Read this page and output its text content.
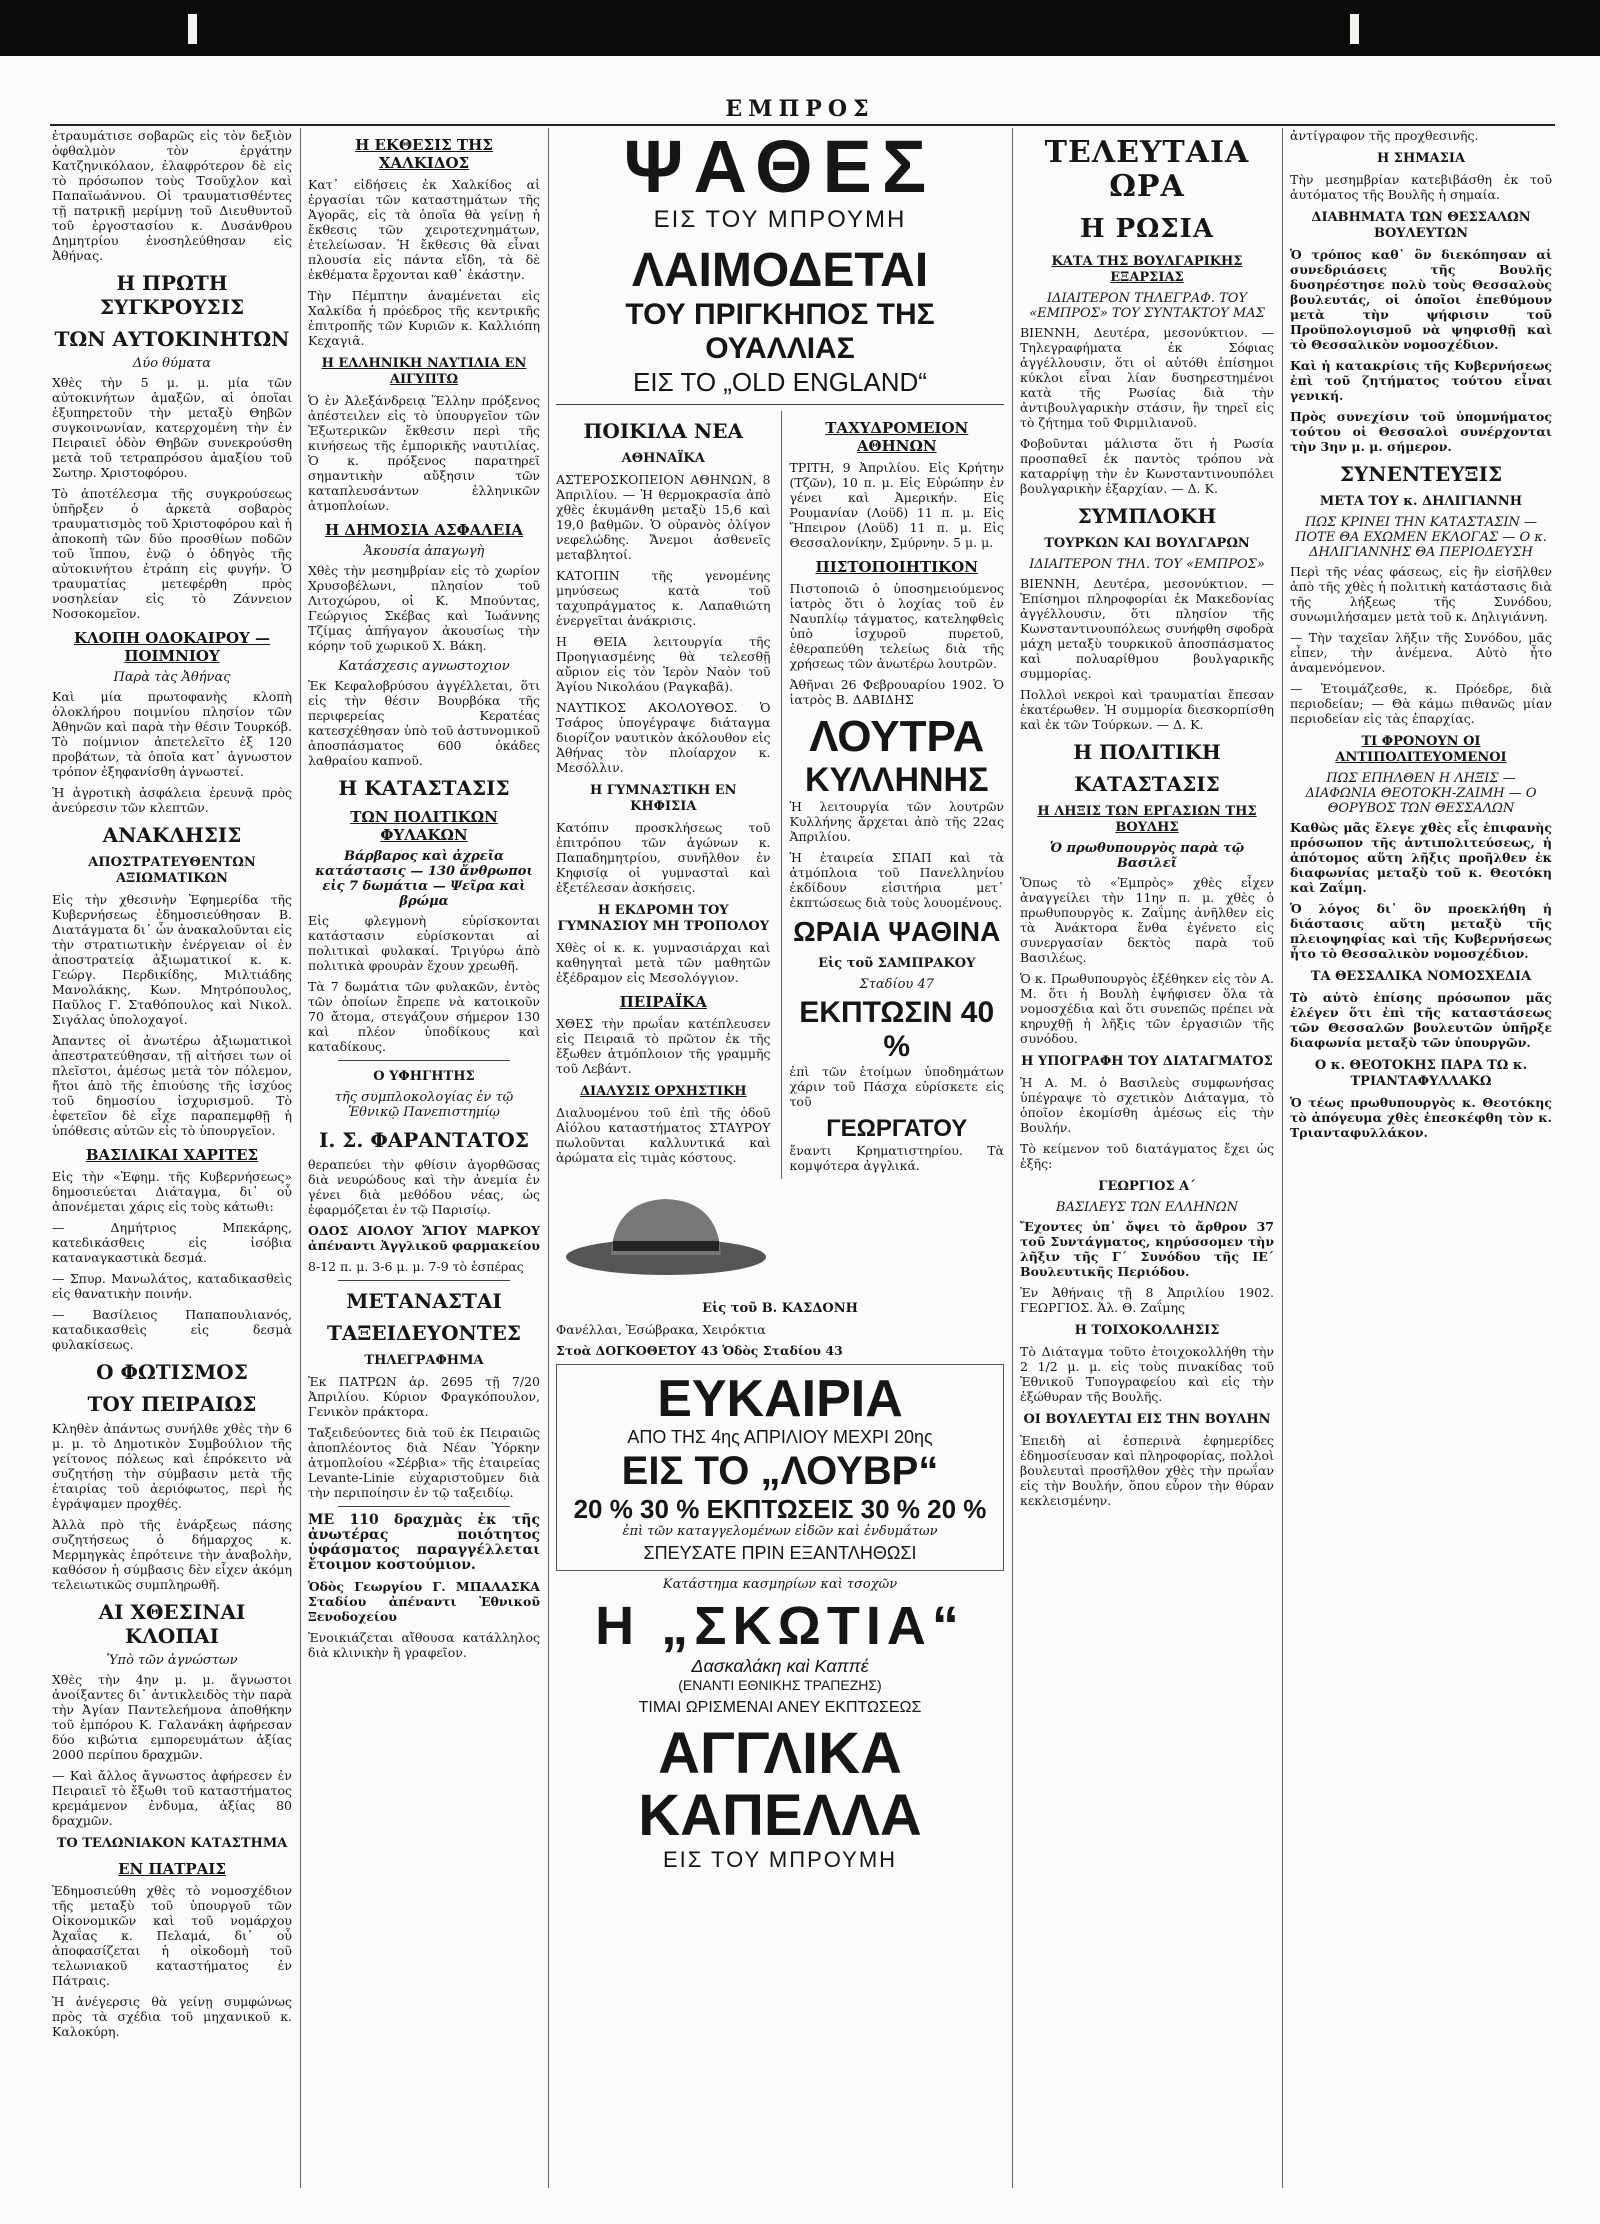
ΕΜΠΡΟΣ

ἐτραυμάτισε σοβαρῶς εἰς τὸν δεξιὸν ὀφθαλμὸν τὸν ἐργάτην Κατζηνικόλαον, ἐλαφρότερον δὲ εἰς τὸ πρόσωπον τοὺς Τσοῦχλον καὶ Παπαϊωάννου. Οἱ τραυματισθέντες τῇ πατρικῇ μερίμνῃ τοῦ Διευθυντοῦ τοῦ ἐργοστασίου κ. Δυσάνθρου Δημητρίου ἐνοσηλεύθησαν εἰς Ἀθήνας.

Η ΠΡΩΤΗ ΣΥΓΚΡΟΥΣΙΣ
ΤΩΝ ΑΥΤΟΚΙΝΗΤΩΝ
Δύο θύματα

Χθὲς τὴν 5 μ. μ. μία τῶν αὐτοκινήτων ἁμαξῶν, αἱ ὁποῖαι ἐξυπηρετοῦν τὴν μεταξὺ Θηβῶν συγκοινωνίαν, κατερχομένη τὴν ἐν Πειραιεῖ ὁδὸν Θηβῶν συνεκρούσθη μετὰ τοῦ τετραπρόσου ἁμαξίου τοῦ Σωτηρ. Χριστοφόρου.

Τὸ ἀποτέλεσμα τῆς συγκρούσεως ὑπῆρξεν ὁ ἀρκετὰ σοβαρὸς τραυματισμὸς τοῦ Χριστοφόρου καὶ ἡ ἀποκοπὴ τῶν δύο προσθίων ποδῶν τοῦ ἵππου, ἐνῷ ὁ ὁδηγὸς τῆς αὐτοκινήτου ἐτράπη εἰς φυγήν. Ὁ τραυματίας μετεφέρθη πρὸς νοσηλείαν εἰς τὸ Ζάννειον Νοσοκομεῖον.

ΚΛΟΠΗ ΟΔΟΚΑΙΡΟΥ — ΠΟΙΜΝΙΟΥ
Παρὰ τὰς Ἀθήνας

Καὶ μία πρωτοφανὴς κλοπὴ ὁλοκλήρου ποιμνίου πλησίον τῶν Ἀθηνῶν καὶ παρὰ τὴν θέσιν Τουρκόβ. Τὸ ποίμνιον ἀπετελεῖτο ἐξ 120 προβάτων, τὰ ὁποῖα κατ᾽ ἀγνωστον τρόπον ἐξηφανίσθη ἀγνωστεί.

Ἡ ἀγροτικὴ ἀσφάλεια ἐρευνᾷ πρὸς ἀνεύρεσιν τῶν κλεπτῶν.

ΑΝΑΚΛΗΣΙΣ
ΑΠΟΣΤΡΑΤΕΥΘΕΝΤΩΝ ΑΞΙΩΜΑΤΙΚΩΝ

Εἰς τὴν χθεσινὴν Ἐφημερίδα τῆς Κυβερνήσεως ἐδημοσιεύθησαν Β. Διατάγματα δι᾽ ὧν ἀνακαλοῦνται εἰς τὴν στρατιωτικὴν ἐνέργειαν οἱ ἐν ἀποστρατείᾳ ἀξιωματικοί κ. κ. Γεώργ. Περδικίδης, Μιλτιάδης Μανολάκης, Κων. Μητρόπουλος, Παῦλος Γ. Σταθόπουλος καὶ Νικολ. Σιγάλας ὑπολοχαγοί.

Ἀπαντες οἱ ἀνωτέρω ἀξιωματικοὶ ἀπεστρατεύθησαν, τῇ αἰτήσει των οἱ πλεῖστοι, ἀμέσως μετὰ τὸν πόλεμον, ἤτοι ἀπὸ τῆς ἐπιούσης τῆς ἰσχύος τοῦ δημοσίου ἰσχυρισμοῦ. Τὸ ἐφετεῖον δὲ εἶχε παραπεμφθῇ ἡ ὑπόθεσις αὐτῶν εἰς τὸ ὑπουργεῖον.

ΒΑΣΙΛΙΚΑΙ ΧΑΡΙΤΕΣ

Εἰς τὴν «Ἐφημ. τῆς Κυβερνήσεως» δημοσιεύεται Διάταγμα, δι᾽ οὗ ἀπονέμεται χάρις εἰς τοὺς κάτωθι:

— Δημήτριος Μπεκάρης, κατεδικάσθεις εἰς ἰσόβια καταναγκαστικὰ δεσμά.

— Σπυρ. Μανωλάτος, καταδικασθεὶς εἰς θανατικὴν ποινήν.

— Βασίλειος Παπαπουλιανός, καταδικασθεὶς εἰς δεσμὰ φυλακίσεως.

Ο ΦΩΤΙΣΜΟΣ
ΤΟΥ ΠΕΙΡΑΙΩΣ

Κληθὲν ἀπάντως συνήλθε χθὲς τὴν 6 μ. μ. τὸ Δημοτικὸν Συμβούλιον τῆς γείτονος πόλεως καὶ ἐπρόκειτο νὰ συζητήσῃ τὴν σύμβασιν μετὰ τῆς ἑταιρίας τοῦ ἀεριόφωτος, περὶ ἧς ἐγράψαμεν προχθές.

Ἀλλὰ πρὸ τῆς ἐνάρξεως πάσης συζητήσεως ὁ δήμαρχος κ. Μερμηγκὰς ἐπρότεινε τὴν ἀναβολὴν, καθόσον ἡ σύμβασις δὲν εἶχεν ἀκόμη τελειωτικῶς συμπληρωθῆ.

ΑΙ ΧΘΕΣΙΝΑΙ ΚΛΟΠΑΙ
Ὑπὸ τῶν ἀγνώστων

Χθὲς τὴν 4ην μ. μ. ἄγνωστοι ἀνοίξαντες δι᾽ ἀντικλειδὸς τὴν παρὰ τὴν Ἀγίαν Παντελεήμονα ἀποθήκην τοῦ ἐμπόρου Κ. Γαλανάκη ἀφήρεσαν δύο κιβώτια εμπορευμάτων ἀξίας 2000 περίπου δραχμῶν.

— Καὶ ἄλλος ἄγνωστος ἀφήρεσεν ἐν Πειραιεῖ τὸ ἔξωθι τοῦ καταστήματος κρεμάμενον ἐνδυμα, ἀξίας 80 δραχμῶν.

ΤΟ ΤΕΛΩΝΙΑΚΟΝ ΚΑΤΑΣΤΗΜΑ
ΕΝ ΠΑΤΡΑΙΣ

Ἐδημοσιεύθη χθὲς τὸ νομοσχέδιον τῆς μεταξὺ τοῦ ὑπουργοῦ τῶν Οἰκονομικῶν καὶ τοῦ νομάρχου Ἀχαΐας κ. Πελαμά, δι᾽ οὗ ἀποφασίζεται ἡ οἰκοδομὴ τοῦ τελωνιακοῦ καταστήματος ἐν Πάτραις.

Ἡ ἀνέγερσις θὰ γείνῃ συμφώνως πρὸς τὰ σχέδια τοῦ μηχανικοῦ κ. Καλοκύρη.

Η ΕΚΘΕΣΙΣ ΤΗΣ ΧΑΛΚΙΔΟΣ

Κατ᾽ εἰδήσεις ἐκ Χαλκίδος αἱ ἐργασίαι τῶν καταστημάτων τῆς Ἀγορᾶς, εἰς τὰ ὁποῖα θὰ γείνῃ ἡ ἔκθεσις τῶν χειροτεχνημάτων, ἐτελείωσαν. Ἡ ἔκθεσις θὰ εἶναι πλουσία εἰς πάντα εἴδη, τὰ δὲ ἐκθέματα ἔρχονται καθ᾽ ἑκάστην.

Τὴν Πέμπτην ἀναμένεται εἰς Χαλκίδα ἡ πρόεδρος τῆς κεντρικῆς ἐπιτροπῆς τῶν Κυριῶν κ. Καλλιόπη Κεχαγιᾶ.

Η ΕΛΛΗΝΙΚΗ ΝΑΥΤΙΛΙΑ ΕΝ ΑΙΓΥΠΤΩ

Ὁ ἐν Ἀλεξάνδρειᾳ Ἕλλην πρόξενος ἀπέστειλεν εἰς τὸ ὑπουργεῖον τῶν Ἐξωτερικῶν ἔκθεσιν περὶ τῆς κινήσεως τῆς ἐμπορικῆς ναυτιλίας. Ὁ κ. πρόξενος παρατηρεῖ σημαντικὴν αὔξησιν τῶν καταπλευσάντων ἑλληνικῶν ἀτμοπλοίων.

Η ΔΗΜΟΣΙΑ ΑΣΦΑΛΕΙΑ
Ἀκουσία ἀπαγωγὴ

Χθὲς τὴν μεσημβρίαν εἰς τὸ χωρίον Χρυσοβέλωνι, πλησίον τοῦ Λιτοχώρου, οἱ Κ. Μπούντας, Γεώργιος Σκέβας καὶ Ἰωάννης Τζίμας ἀπήγαγον ἀκουσίως τὴν κόρην τοῦ χωρικοῦ Χ. Βάκη.

Κατάσχεσις αγνωστοχιον

Ἐκ Κεφαλοβρύσου ἀγγέλλεται, ὅτι εἰς τὴν θέσιν Βουρβόκα τῆς περιφερείας Κερατέας κατεσχέθησαν ὑπὸ τοῦ ἀστυνομικοῦ ἀποσπάσματος 600 ὀκάδες λαθραίου καπνοῦ.

Η ΚΑΤΑΣΤΑΣΙΣ
ΤΩΝ ΠΟΛΙΤΙΚΩΝ ΦΥΛΑΚΩΝ
Βάρβαρος καὶ ἀχρεῖα κατάστασις — 130 ἄνθρωποι εἰς 7 δωμάτια — Ψεῖρα καὶ βρώμα

Εἰς φλεγμονὴ εὑρίσκονται κατάστασιν εὑρίσκονται αἱ πολιτικαὶ φυλακαί. Τριγύρω ἀπὸ πολιτικὰ φρουρὰν ἔχουν χρεωθῆ.

Τὰ 7 δωμάτια τῶν φυλακῶν, ἐντὸς τῶν ὁποίων ἔπρεπε νὰ κατοικοῦν 70 ἄτομα, στεγάζουν σήμερον 130 καὶ πλέον ὑποδίκους καὶ καταδίκους.

Ο ΥΦΗΓΗΤΗΣ
τῆς συμπλοκολογίας ἐν τῷ Ἐθνικῷ Πανεπιστημίῳ
Ι. Σ. ΦΑΡΑΝΤΑΤΟΣ

θεραπεύει τὴν φθίσιν ἀγορθῶσας διὰ νευρώδους καὶ τὴν ἀνεμία ἐν γένει διὰ μεθόδου νέας, ὡς ἐφαρμόζεται ἐν τῷ Παρισίῳ.

ΟΔΟΣ ΑΙΟΛΟΥ ἌΓΙΟΥ ΜΑΡΚΟΥ ἀπέναντι Ἀγγλικοῦ φαρμακείου

8-12 π. μ. 3-6 μ. μ. 7-9 τὸ ἑσπέρας

ΜΕΤΑΝΑΣΤΑΙ
ΤΑΞΕΙΔΕΥΟΝΤΕΣ
ΤΗΛΕΓΡΑΦΗΜΑ

Ἐκ ΠΑΤΡΩΝ ἀρ. 2695 τῇ 7/20 Ἀπριλίου. Κύριον Φραγκόπουλον, Γενικὸν πράκτορα.

Ταξειδεύοντες διὰ τοῦ ἐκ Πειραιῶς ἀποπλέοντος διὰ Νέαν Ὑόρκην ἀτμοπλοίου «Σέρβια» τῆς ἑταιρείας Levante-Linie εὐχαριστοῦμεν διὰ τὴν περιποίησιν ἐν τῷ ταξειδίῳ.

ΜΕ 110 δραχμὰς ἐκ τῆς ἀνωτέρας ποιότητος ὑφάσματος παραγγέλλεται ἔτοιμον κοστούμιον.

Ὁδὸς Γεωργίου Γ. ΜΠΑΛΑΣΚΑ Σταδίου ἀπέναντι Ἐθνικοῦ Ξενοδοχείου

Ἐνοικιάζεται αἴθουσα κατάλληλος διὰ κλινικὴν ἢ γραφεῖον.

ΨΑΘΕΣ
ΕΙΣ ΤΟΥ ΜΠΡΟΥΜΗ
ΛΑΙΜΟΔΕΤΑΙ
ΤΟΥ ΠΡΙΓΚΗΠΟΣ ΤΗΣ ΟΥΑΛΛΙΑΣ
ΕΙΣ ΤΟ „OLD ENGLAND“
ΠΟΙΚΙΛΑ ΝΕΑ
ΑΘΗΝΑΪΚΑ

ΑΣΤΕΡΟΣΚΟΠΕΙΟΝ ΑΘΗΝΩΝ, 8 Ἀπριλίου. — Ἡ θερμοκρασία ἀπὸ χθὲς ἐκυμάνθη μεταξὺ 15,6 καὶ 19,0 βαθμῶν. Ὁ οὐρανὸς ὀλίγον νεφελώδης. Ἄνεμοι ἀσθενεῖς μεταβλητοί.

ΚΑΤΟΠΙΝ τῆς γενομένης μηνύσεως κατὰ τοῦ ταχυπράγματος κ. Λαπαθιώτη ἐνεργεῖται ἀνάκρισις.

Η ΘΕΙΑ λειτουργία τῆς Προηγιασμένης θὰ τελεσθῇ αὔριον εἰς τὸν Ἱερὸν Ναὸν τοῦ Ἁγίου Νικολάου (Ραγκαβᾶ).

ΝΑΥΤΙΚΟΣ ΑΚΟΛΟΥΘΟΣ. Ὁ Τσάρος ὑπογέγραψε διάταγμα διορίζον ναυτικὸν ἀκόλουθον εἰς Ἀθήνας τὸν πλοίαρχον κ. Μεσόλλιν.

Η ΓΥΜΝΑΣΤΙΚΗ ΕΝ ΚΗΦΙΣΙΑ

Κατόπιν προσκλήσεως τοῦ ἐπιτρόπου τῶν ἀγώνων κ. Παπαδημητρίου, συνῆλθον ἐν Κηφισίᾳ οἱ γυμνασταὶ καὶ ἐξετέλεσαν ἀσκήσεις.

Η ΕΚΔΡΟΜΗ ΤΟΥ ΓΥΜΝΑΣΙΟΥ ΜΗ ΤΡΟΠΟΛΟΥ

Χθὲς οἱ κ. κ. γυμνασιάρχαι καὶ καθηγηταὶ μετὰ τῶν μαθητῶν ἐξέδραμον εἰς Μεσολόγγιον.

ΠΕΙΡΑΪΚΑ

ΧΘΕΣ τὴν πρωΐαν κατέπλευσεν εἰς Πειραιᾶ τὸ πρῶτον ἐκ τῆς ἔξωθεν ἀτμόπλοιον τῆς γραμμῆς τοῦ Λεβάντ.

ΔΙΑΛΥΣΙΣ ΟΡΧΗΣΤΙΚΗ

Διαλυομένου τοῦ ἐπὶ τῆς ὁδοῦ Αἰόλου καταστήματος ΣΤΑΥΡΟΥ πωλοῦνται καλλυντικά καὶ ἀρώματα εἰς τιμὰς κόστους.

ΤΑΧΥΔΡΟΜΕΙΟΝ ΑΘΗΝΩΝ

ΤΡΙΤΗ, 9 Ἀπριλίου. Εἰς Κρήτην (Τζῶν), 10 π. μ. Εἰς Εὐρώπην ἐν γένει καὶ Ἀμερικήν. Εἰς Ρουμανίαν (Λοϋδ) 11 π. μ. Εἰς Ἤπειρον (Λοϋδ) 11 π. μ. Εἰς Θεσσαλονίκην, Σμύρνην. 5 μ. μ.

ΠΙΣΤΟΠΟΙΗΤΙΚΟΝ

Πιστοποιῶ ὁ ὑποσημειούμενος ἰατρὸς ὅτι ὁ λοχίας τοῦ ἐν Ναυπλίῳ τάγματος, κατεληφθεὶς ὑπὸ ἰσχυροῦ πυρετοῦ, ἐθεραπεύθη τελείως διὰ τῆς χρήσεως τῶν ἀνωτέρω λουτρῶν.

Ἀθῆναι 26 Φεβρουαρίου 1902. Ὁ ἰατρὸς Β. ΔΑΒΙΔΗΣ

ΛΟΥΤΡΑ
ΚΥΛΛΗΝΗΣ

Ἡ λειτουργία τῶν λουτρῶν Κυλλήνης ἄρχεται ἀπὸ τῆς 22ας Ἀπριλίου.

Ἡ ἐταιρεία ΣΠΑΠ καὶ τὰ ἀτμόπλοια τοῦ Πανελληνίου ἐκδίδουν εἰσιτήρια μετ᾽ ἐκπτώσεως διὰ τοὺς λουομένους.

ΩΡΑΙΑ ΨΑΘΙΝΑ
Εἰς τοῦ ΣΑΜΠΡΑΚΟΥ
Σταδίου 47
ΕΚΠΤΩΣΙΝ 40 %

ἐπὶ τῶν ἑτοίμων ὑποδημάτων χάριν τοῦ Πάσχα εὑρίσκετε εἰς τοῦ

ΓΕΩΡΓΑΤΟΥ

ἔναντι Κρηματιστηρίου. Τὰ κομψότερα ἀγγλικά.

Εἰς τοῦ Β. ΚΑΣΔΟΝΗ

Φανέλλαι, Ἐσώβρακα, Χειρόκτια

Στοὰ ΔΟΓΚΟΘΕΤΟΥ 43 Ὁδὸς Σταδίου 43

ΕΥΚΑΙΡΙΑ
ΑΠΟ ΤΗΣ 4ης ΑΠΡΙΛΙΟΥ ΜΕΧΡΙ 20ης
ΕΙΣ ΤΟ „ΛΟΥΒΡ“
20 % 30 % ΕΚΠΤΩΣΕΙΣ 30 % 20 %
ἐπὶ τῶν καταγγελομένων εἰδῶν καὶ ἐνδυμάτων
ΣΠΕΥΣΑΤΕ ΠΡΙΝ ΕΞΑΝΤΛΗΘΩΣΙ
Κατάστημα κασμηρίων καὶ τσοχῶν
Η „ΣΚΩΤΙΑ“
Δασκαλάκη καὶ Καππέ
(ΕΝΑΝΤΙ ΕΘΝΙΚΗΣ ΤΡΑΠΕΖΗΣ)
ΤΙΜΑΙ ΩΡΙΣΜΕΝΑΙ ΑΝΕΥ ΕΚΠΤΩΣΕΩΣ
ΑΓΓΛΙΚΑ ΚΑΠΕΛΛΑ
ΕΙΣ ΤΟΥ ΜΠΡΟΥΜΗ
ΤΕΛΕΥΤΑΙΑ ΩΡΑ
Η ΡΩΣΙΑ
ΚΑΤΑ ΤΗΣ ΒΟΥΛΓΑΡΙΚΗΣ ΕΞΑΡΣΙΑΣ
ΙΔΙΑΙΤΕΡΟΝ ΤΗΛΕΓΡΑΦ. ΤΟΥ «ΕΜΠΡΟΣ» ΤΟΥ ΣΥΝΤΑΚΤΟΥ ΜΑΣ

ΒΙΕΝΝΗ, Δευτέρα, μεσονύκτιον. — Τηλεγραφήματα ἐκ Σόφιας ἀγγέλλουσιν, ὅτι οἱ αὐτόθι ἐπίσημοι κύκλοι εἶναι λίαν δυσηρεστημένοι κατὰ τῆς Ρωσίας διὰ τὴν ἀντιβουλγαρικὴν στάσιν, ἣν τηρεῖ εἰς τὸ ζήτημα τοῦ Φιρμιλιανοῦ.

Φοβοῦνται μάλιστα ὅτι ἡ Ρωσία προσπαθεῖ ἐκ παντὸς τρόπου νὰ καταρρίψῃ τὴν ἐν Κωνσταντινουπόλει βουλγαρικὴν ἐξαρχίαν. — Δ. Κ.

ΣΥΜΠΛΟΚΗ
ΤΟΥΡΚΩΝ ΚΑΙ ΒΟΥΛΓΑΡΩΝ
ΙΔΙΑΙΤΕΡΟΝ ΤΗΛ. ΤΟΥ «ΕΜΠΡΟΣ»

ΒΙΕΝΝΗ, Δευτέρα, μεσονύκτιον. — Ἐπίσημοι πληροφορίαι ἐκ Μακεδονίας ἀγγέλλουσιν, ὅτι πλησίον τῆς Κωνσταντινουπόλεως συνήφθη σφοδρὰ μάχη μεταξὺ τουρκικοῦ ἀποσπάσματος καὶ πολυαρίθμου βουλγαρικῆς συμμορίας.

Πολλοὶ νεκροὶ καὶ τραυματίαι ἔπεσαν ἑκατέρωθεν. Ἡ συμμορία διεσκορπίσθη καὶ ἐκ τῶν Τούρκων. — Δ. Κ.

Η ΠΟΛΙΤΙΚΗ
ΚΑΤΑΣΤΑΣΙΣ
Η ΛΗΞΙΣ ΤΩΝ ΕΡΓΑΣΙΩΝ ΤΗΣ ΒΟΥΛΗΣ
Ὁ πρωθυπουργὸς παρὰ τῷ Βασιλεῖ

Ὅπως τὸ «Ἐμπρὸς» χθὲς εἶχεν ἀναγγείλει τὴν 11ην π. μ. χθὲς ὁ πρωθυπουργὸς κ. Ζαΐμης ἀνῆλθεν εἰς τὰ Ἀνάκτορα ἔνθα ἐγένετο εἰς συνεργασίαν δεκτὸς παρὰ τοῦ Βασιλέως.

Ὁ κ. Πρωθυπουργὸς ἐξέθηκεν εἰς τὸν Α. Μ. ὅτι ἡ Βουλὴ ἐψήφισεν ὅλα τὰ νομοσχέδια καὶ ὅτι συνεπῶς πρέπει νὰ κηρυχθῇ ἡ λῆξις τῶν ἐργασιῶν τῆς συνόδου.

Η ΥΠΟΓΡΑΦΗ ΤΟΥ ΔΙΑΤΑΓΜΑΤΟΣ

Ἡ Α. Μ. ὁ Βασιλεὺς συμφωνήσας ὑπέγραψε τὸ σχετικὸν Διάταγμα, τὸ ὁποῖον ἐκομίσθη ἀμέσως εἰς τὴν Βουλήν.

Τὸ κείμενον τοῦ διατάγματος ἔχει ὡς ἑξῆς:

ΓΕΩΡΓΙΟΣ Α΄
ΒΑΣΙΛΕΥΣ ΤΩΝ ΕΛΛΗΝΩΝ

Ἔχοντες ὑπ᾽ ὄψει τὸ ἄρθρον 37 τοῦ Συντάγματος, κηρύσσομεν τὴν λῆξιν τῆς Γ΄ Συνόδου τῆς ΙΕ΄ Βουλευτικῆς Περιόδου.

Ἐν Ἀθήναις τῇ 8 Ἀπριλίου 1902. ΓΕΩΡΓΙΟΣ. Ἀλ. Θ. Ζαΐμης

Η ΤΟΙΧΟΚΟΛΛΗΣΙΣ

Τὸ Διάταγμα τοῦτο ἐτοιχοκολλήθη τὴν 2 1/2 μ. μ. εἰς τοὺς πινακίδας τοῦ Ἐθνικοῦ Τυπογραφείου καὶ εἰς τὴν ἐξώθυραν τῆς Βουλῆς.

ΟΙ ΒΟΥΛΕΥΤΑΙ ΕΙΣ ΤΗΝ ΒΟΥΛΗΝ

Ἐπειδὴ αἱ ἐσπερινὰ ἐφημερίδες ἐδημοσίευσαν καὶ πληροφορίας, πολλοὶ βουλευταὶ προσῆλθον χθὲς τὴν πρωΐαν εἰς τὴν Βουλήν, ὅπου εὗρον τὴν θύραν κεκλεισμένην.

ἀντίγραφον τῆς προχθεσινῆς.

Η ΣΗΜΑΣΙΑ

Τὴν μεσημβρίαν κατεβιβάσθη ἐκ τοῦ ἀυτόματος τῆς Βουλῆς ἡ σημαία.

ΔΙΑΒΗΜΑΤΑ ΤΩΝ ΘΕΣΣΑΛΩΝ ΒΟΥΛΕΥΤΩΝ

Ὁ τρόπος καθ᾽ ὃν διεκόπησαν αἱ συνεδριάσεις τῆς Βουλῆς δυσηρέστησε πολὺ τοὺς Θεσσαλοὺς βουλευτάς, οἱ ὁποῖοι ἐπεθύμουν μετὰ τὴν ψήφισιν τοῦ Προϋπολογισμοῦ νὰ ψηφισθῇ καὶ τὸ Θεσσαλικὸν νομοσχέδιον.

Καὶ ἡ κατακρίσις τῆς Κυβερνήσεως ἐπὶ τοῦ ζητήματος τούτου εἶναι γενική.

Πρὸς συνεχίσιν τοῦ ὑπομνήματος τούτου οἱ Θεσσαλοὶ συνέρχονται τὴν 3ην μ. μ. σήμερον.

ΣΥΝΕΝΤΕΥΞΙΣ
ΜΕΤΑ ΤΟΥ κ. ΔΗΛΙΓΙΑΝΝΗ
ΠΩΣ ΚΡΙΝΕΙ ΤΗΝ ΚΑΤΑΣΤΑΣΙΝ — ΠΟΤΕ ΘΑ ΕΧΩΜΕΝ ΕΚΛΟΓΑΣ — Ο κ. ΔΗΛΙΓΙΑΝΝΗΣ ΘΑ ΠΕΡΙΟΔΕΥΣΗ

Περὶ τῆς νέας φάσεως, εἰς ἣν εἰσῆλθεν ἀπὸ τῆς χθὲς ἡ πολιτικὴ κατάστασις διὰ τῆς λήξεως τῆς Συνόδου, συνωμιλήσαμεν μετὰ τοῦ κ. Δηλιγιάννη.

— Τὴν ταχεῖαν λῆξιν τῆς Συνόδου, μᾶς εἶπεν, τὴν ἀνέμενα. Αὐτὸ ἦτο ἀναμενόμενον.

— Ἐτοιμάζεσθε, κ. Πρόεδρε, διὰ περιοδείαν; — Θὰ κάμω πιθανῶς μίαν περιοδείαν εἰς τὰς ἐπαρχίας.

ΤΙ ΦΡΟΝΟΥΝ ΟΙ ΑΝΤΙΠΟΛΙΤΕΥΟΜΕΝΟΙ
ΠΩΣ ΕΠΗΛΘΕΝ Η ΛΗΞΙΣ — ΔΙΑΦΩΝΙΑ ΘΕΟΤΟΚΗ-ΖΑΙΜΗ — Ο ΘΟΡΥΒΟΣ ΤΩΝ ΘΕΣΣΑΛΩΝ

Καθὼς μᾶς ἔλεγε χθὲς εἷς ἐπιφανὴς πρόσωπον τῆς ἀντιπολιτεύσεως, ἡ ἀπότομος αὕτη λῆξις προῆλθεν ἐκ διαφωνίας μεταξὺ τοῦ κ. Θεοτόκη καὶ Ζαΐμη.

Ὁ λόγος δι᾽ ὃν προεκλήθη ἡ διάστασις αὕτη μεταξὺ τῆς πλειοψηφίας καὶ τῆς Κυβερνήσεως ἦτο τὸ Θεσσαλικὸν νομοσχέδιον.

ΤΑ ΘΕΣΣΑΛΙΚΑ ΝΟΜΟΣΧΕΔΙΑ

Τὸ αὐτὸ ἐπίσης πρόσωπον μᾶς ἐλέγεν ὅτι ἐπὶ τῆς καταστάσεως τῶν Θεσσαλῶν βουλευτῶν ὑπῆρξε διαφωνία μεταξὺ τῶν ὑπουργῶν.

Ο κ. ΘΕΟΤΟΚΗΣ ΠΑΡΑ ΤΩ κ. ΤΡΙΑΝΤΑΦΥΛΛΑΚΩ

Ὁ τέως πρωθυπουργὸς κ. Θεοτόκης τὸ ἀπόγευμα χθὲς ἐπεσκέφθη τὸν κ. Τριανταφυλλάκον.
